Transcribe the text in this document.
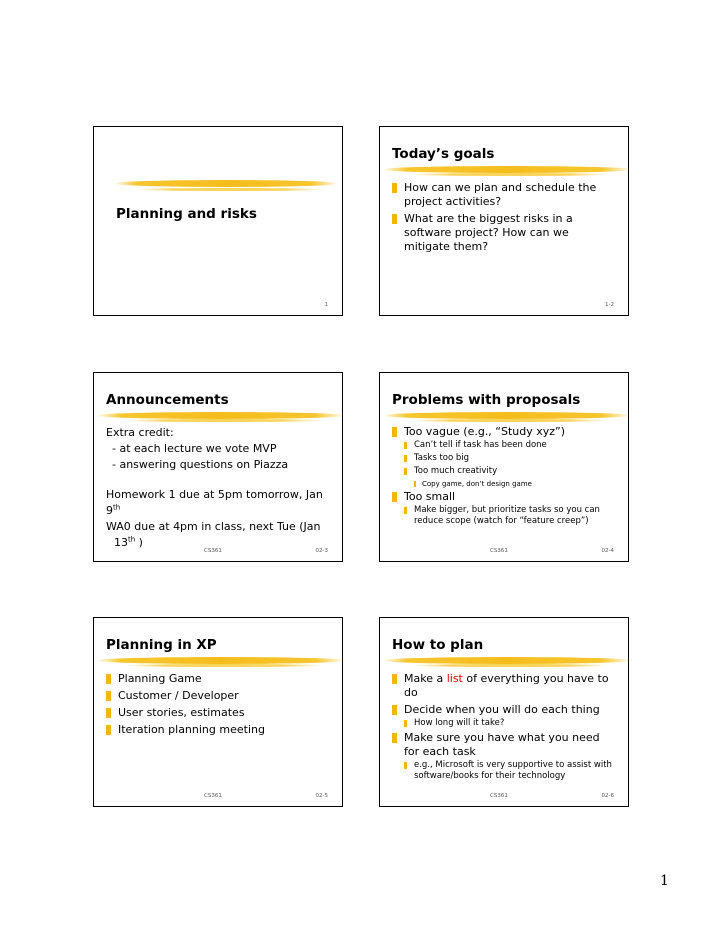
Planning and risks
1
Today’s goals
How can we plan and schedule the project activities?
What are the biggest risks in a software project? How can we mitigate them?
1-2
Announcements
Extra credit:
- at each lecture we vote MVP
- answering questions on Piazza
Homework 1 due at 5pm tomorrow, Jan 9th
WA0 due at 4pm in class, next Tue (Jan
13th )
CS361	02-3
Problems with proposals
Too vague (e.g., “Study xyz”)
Can’t tell if task has been done
Tasks too big
Too much creativity
Copy game, don’t design game
Too small
Make bigger, but prioritize tasks so you can reduce scope (watch for “feature creep”)
CS361	02-4
Planning in XP
Planning Game
Customer / Developer
User stories, estimates
Iteration planning meeting
CS361	02-5
How to plan
Make a list of everything you have to do
Decide when you will do each thing
How long will it take?
Make sure you have what you need for each task
e.g., Microsoft is very supportive to assist with software/books for their technology
CS361	02-6
1
